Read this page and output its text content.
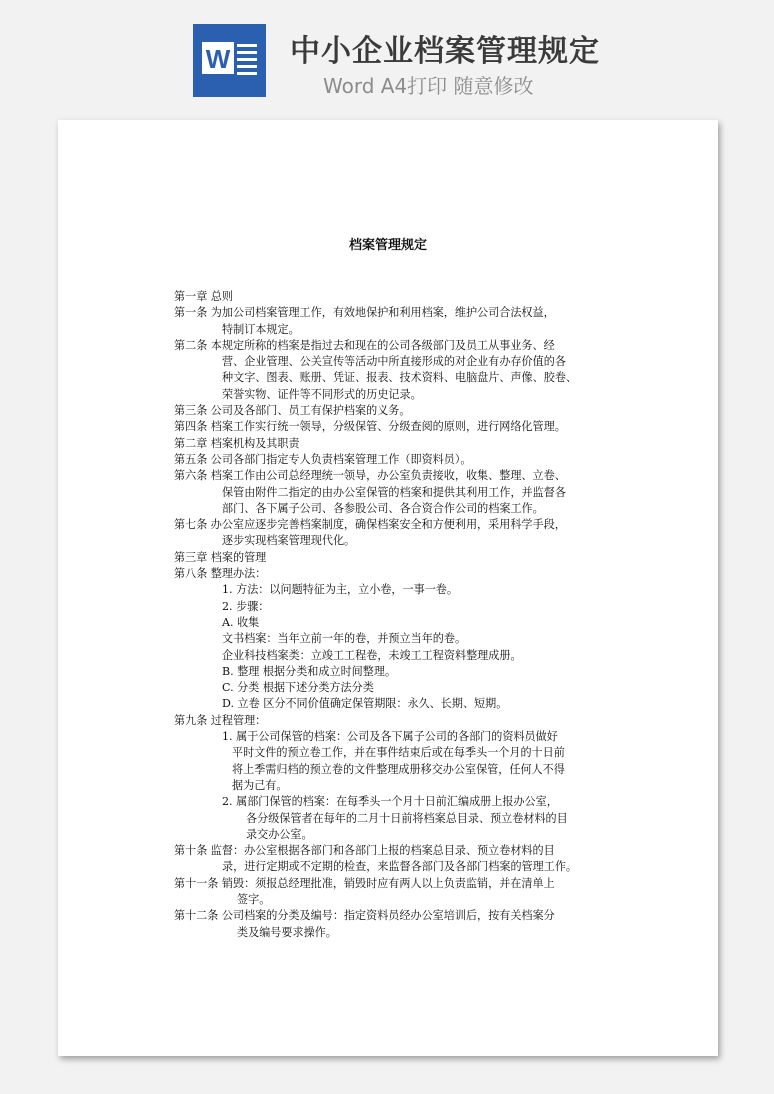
W 中小企业档案管理规定
Word A4打印 随意修改
档案管理规定
第一章 总则
第一条 为加公司档案管理工作，有效地保护和利用档案，维护公司合法权益，
特制订本规定。
第二条 本规定所称的档案是指过去和现在的公司各级部门及员工从事业务、经
营、企业管理、公关宣传等活动中所直接形成的对企业有办存价值的各
种文字、图表、账册、凭证、报表、技术资料、电脑盘片、声像、胶卷、
荣誉实物、证件等不同形式的历史记录。
第三条 公司及各部门、员工有保护档案的义务。
第四条 档案工作实行统一领导，分级保管、分级查阅的原则，进行网络化管理。
第二章 档案机构及其职责
第五条 公司各部门指定专人负责档案管理工作（即资料员）。
第六条 档案工作由公司总经理统一领导，办公室负责接收，收集、整理、立卷、
保管由附件二指定的由办公室保管的档案和提供其利用工作，并监督各
部门、各下属子公司、各参股公司、各合资合作公司的档案工作。
第七条 办公室应逐步完善档案制度，确保档案安全和方便利用，采用科学手段，
逐步实现档案管理现代化。
第三章 档案的管理
第八条 整理办法：
1. 方法：以问题特征为主，立小卷，一事一卷。
2. 步骤：
A. 收集
文书档案：当年立前一年的卷，并预立当年的卷。
企业科技档案类：立竣工工程卷，未竣工工程资料整理成册。
B. 整理 根据分类和成立时间整理。
C. 分类 根据下述分类方法分类
D. 立卷 区分不同价值确定保管期限：永久、长期、短期。
第九条 过程管理：
1. 属于公司保管的档案：公司及各下属子公司的各部门的资料员做好
平时文件的预立卷工作，并在事件结束后或在每季头一个月的十日前
将上季需归档的预立卷的文件整理成册移交办公室保管，任何人不得
据为己有。
2. 属部门保管的档案：在每季头一个月十日前汇编成册上报办公室，
各分级保管者在每年的二月十日前将档案总目录、预立卷材料的目
录交办公室。
第十条 监督：办公室根据各部门和各部门上报的档案总目录、预立卷材料的目
录，进行定期或不定期的检查，来监督各部门及各部门档案的管理工作。
第十一条 销毁：须报总经理批准，销毁时应有两人以上负责监销，并在清单上
签字。
第十二条 公司档案的分类及编号：指定资料员经办公室培训后，按有关档案分
类及编号要求操作。
